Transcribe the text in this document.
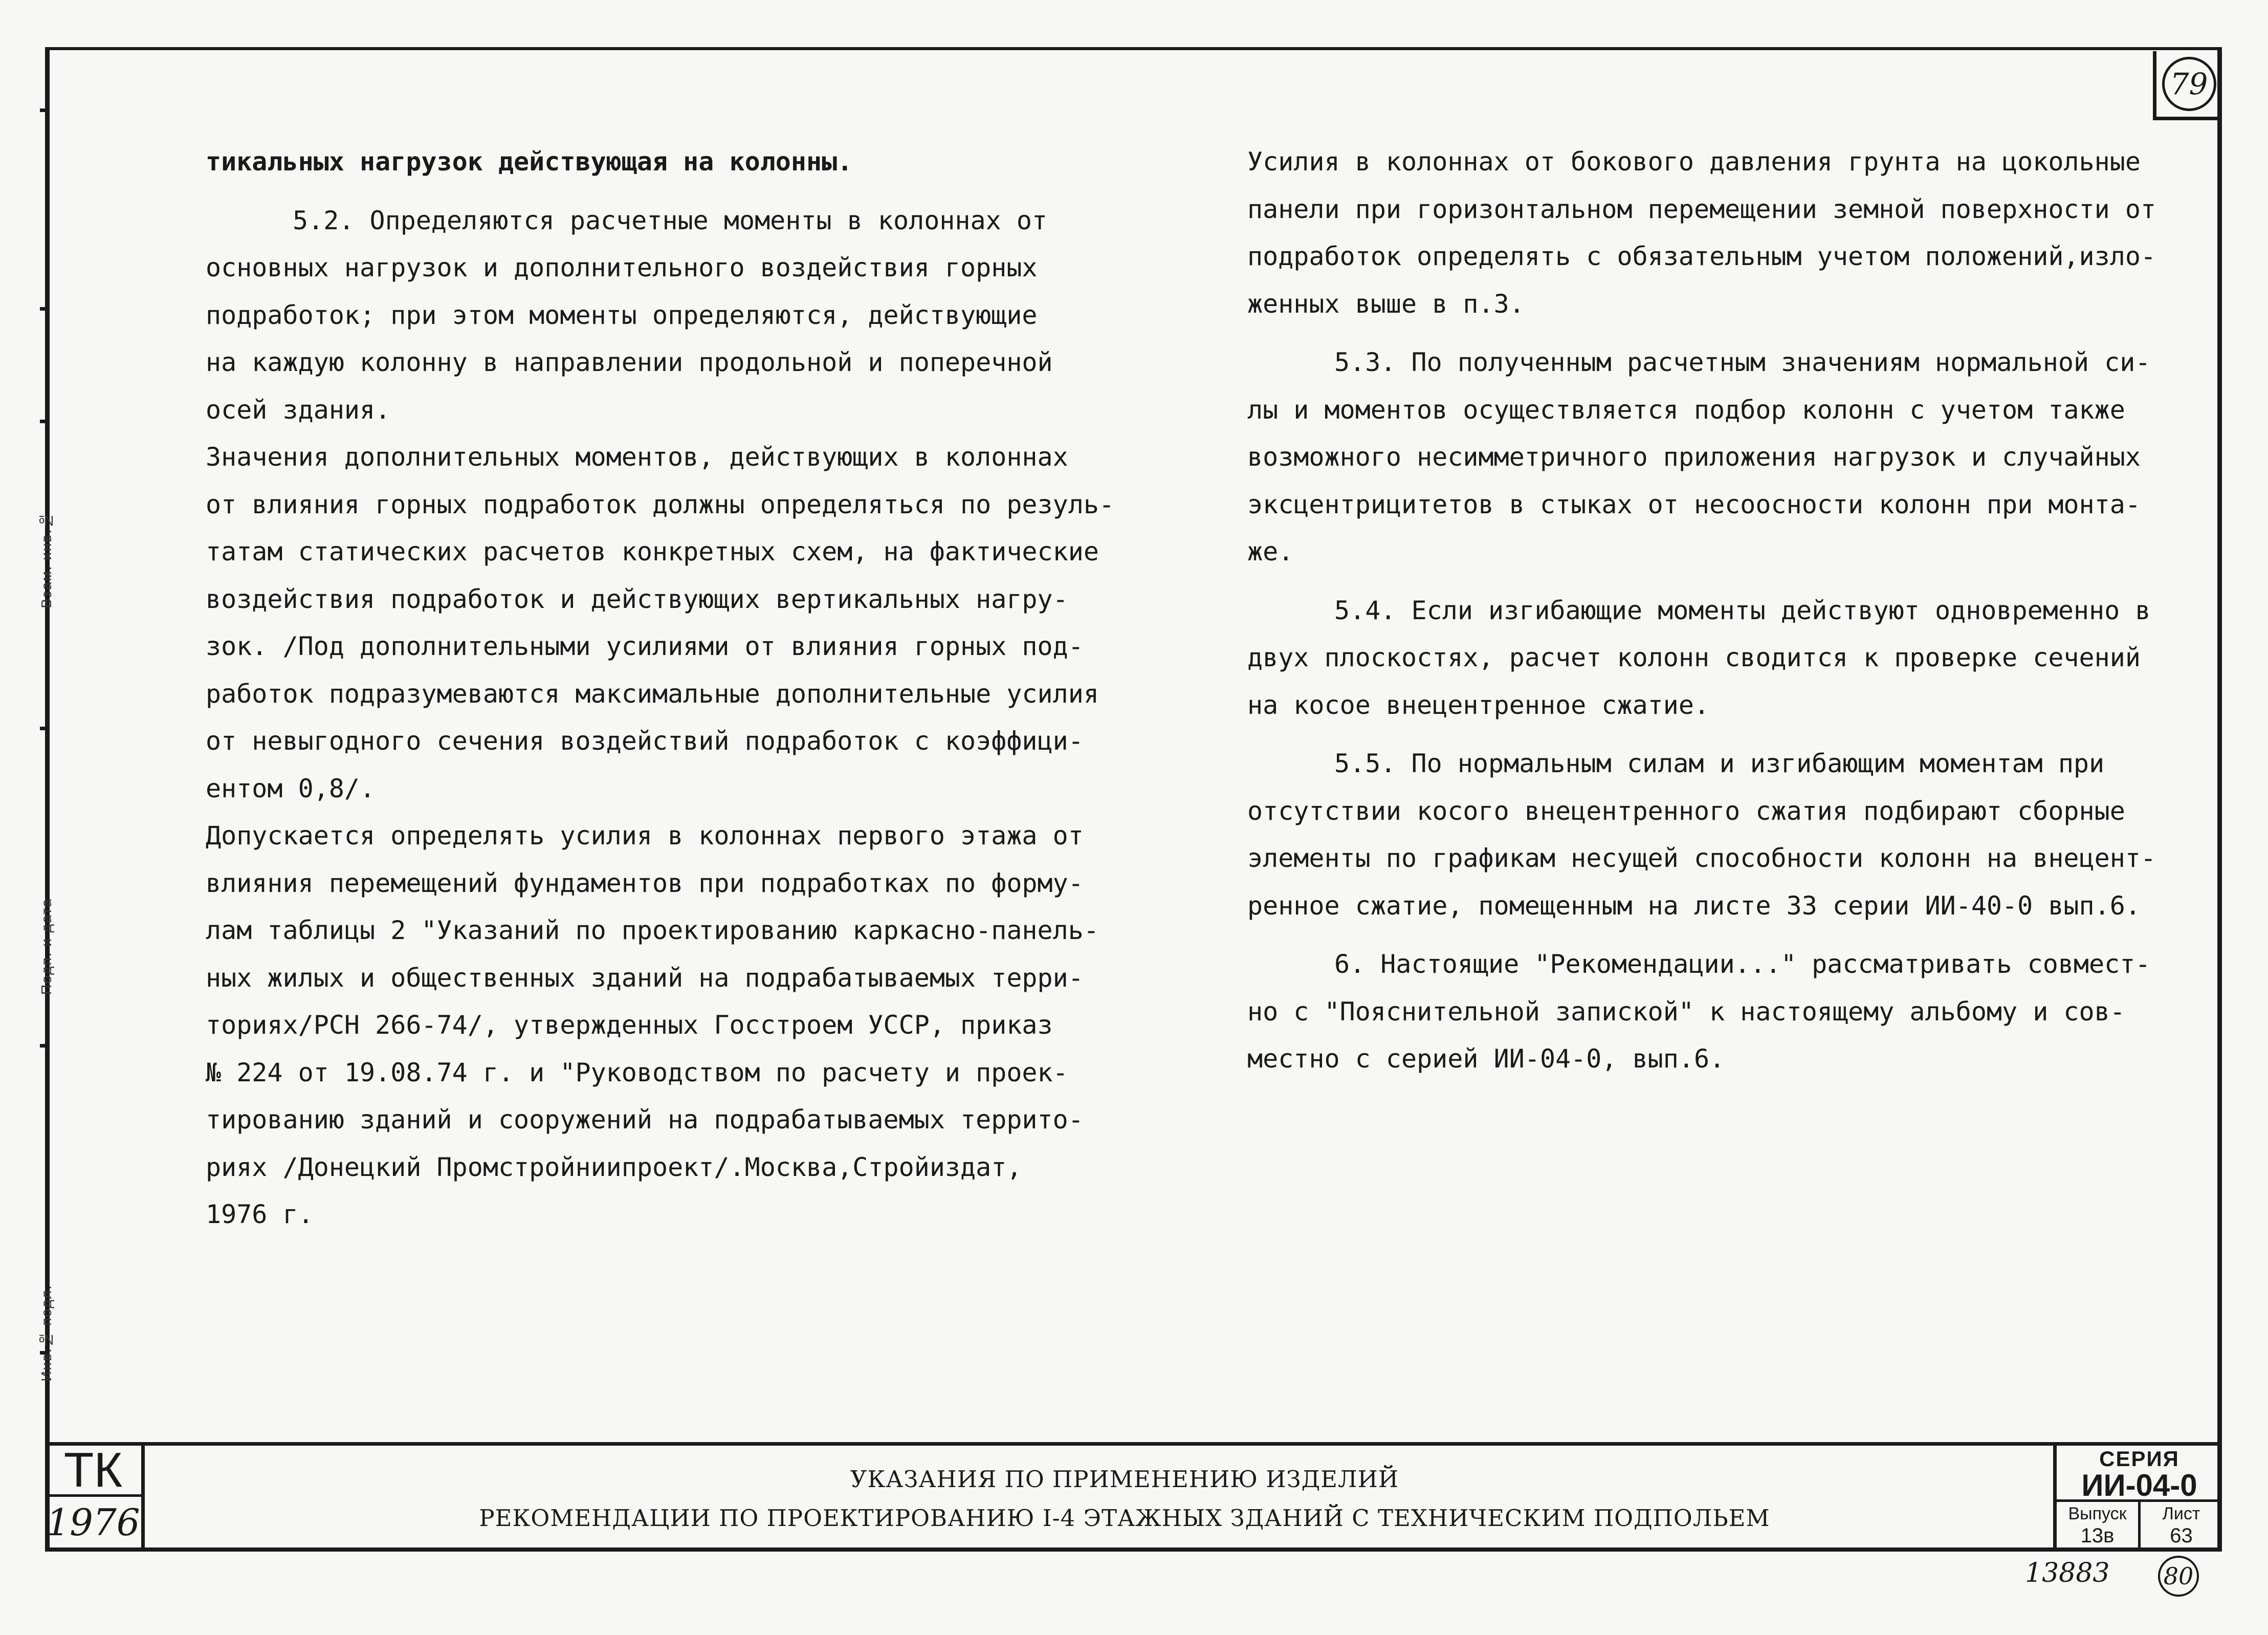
79
Взам. инв.№
Подп. и дата
Инв.№ подл.

тикальных нагрузок действующая на колонны.

5.2. Определяются расчетные моменты в колоннах от

основных нагрузок и дополнительного воздействия горных

подработок; при этом моменты определяются, действующие

на каждую колонну в направлении продольной и поперечной

осей здания.

Значения дополнительных моментов, действующих в колоннах

от влияния горных подработок должны определяться по резуль-

татам статических расчетов конкретных схем, на фактические

воздействия подработок и действующих вертикальных нагру-

зок. /Под дополнительными усилиями от влияния горных под-

работок подразумеваются максимальные дополнительные усилия

от невыгодного сечения воздействий подработок с коэффици-

ентом 0,8/.

Допускается определять усилия в колоннах первого этажа от

влияния перемещений фундаментов при подработках по форму-

лам таблицы 2 "Указаний по проектированию каркасно-панель-

ных жилых и общественных зданий на подрабатываемых терри-

ториях/РСН 266-74/, утвержденных Госстроем УССР, приказ

№ 224 от 19.08.74 г. и "Руководством по расчету и проек-

тированию зданий и сооружений на подрабатываемых террито-

риях /Донецкий Промстройниипроект/.Москва,Стройиздат,

1976 г.

Усилия в колоннах от бокового давления грунта на цокольные

панели при горизонтальном перемещении земной поверхности от

подработок определять с обязательным учетом положений,изло-

женных выше в п.3.

5.3. По полученным расчетным значениям нормальной си-

лы и моментов осуществляется подбор колонн с учетом также

возможного несимметричного приложения нагрузок и случайных

эксцентрицитетов в стыках от несоосности колонн при монта-

же.

5.4. Если изгибающие моменты действуют одновременно в

двух плоскостях, расчет колонн сводится к проверке сечений

на косое внецентренное сжатие.

5.5. По нормальным силам и изгибающим моментам при

отсутствии косого внецентренного сжатия подбирают сборные

элементы по графикам несущей способности колонн на внецент-

ренное сжатие, помещенным на листе 33 серии ИИ-40-0 вып.6.

6. Настоящие "Рекомендации..." рассматривать совмест-

но с "Пояснительной запиской" к настоящему альбому и сов-

местно с серией ИИ-04-0, вып.6.

ТК
1976
УКАЗАНИЯ ПО ПРИМЕНЕНИЮ ИЗДЕЛИЙ
РЕКОМЕНДАЦИИ ПО ПРОЕКТИРОВАНИЮ I-4 ЭТАЖНЫХ ЗДАНИЙ С ТЕХНИЧЕСКИМ ПОДПОЛЬЕМ
СЕРИЯ
ИИ-04-0
Выпуск
13в
Лист
63
13883 80
